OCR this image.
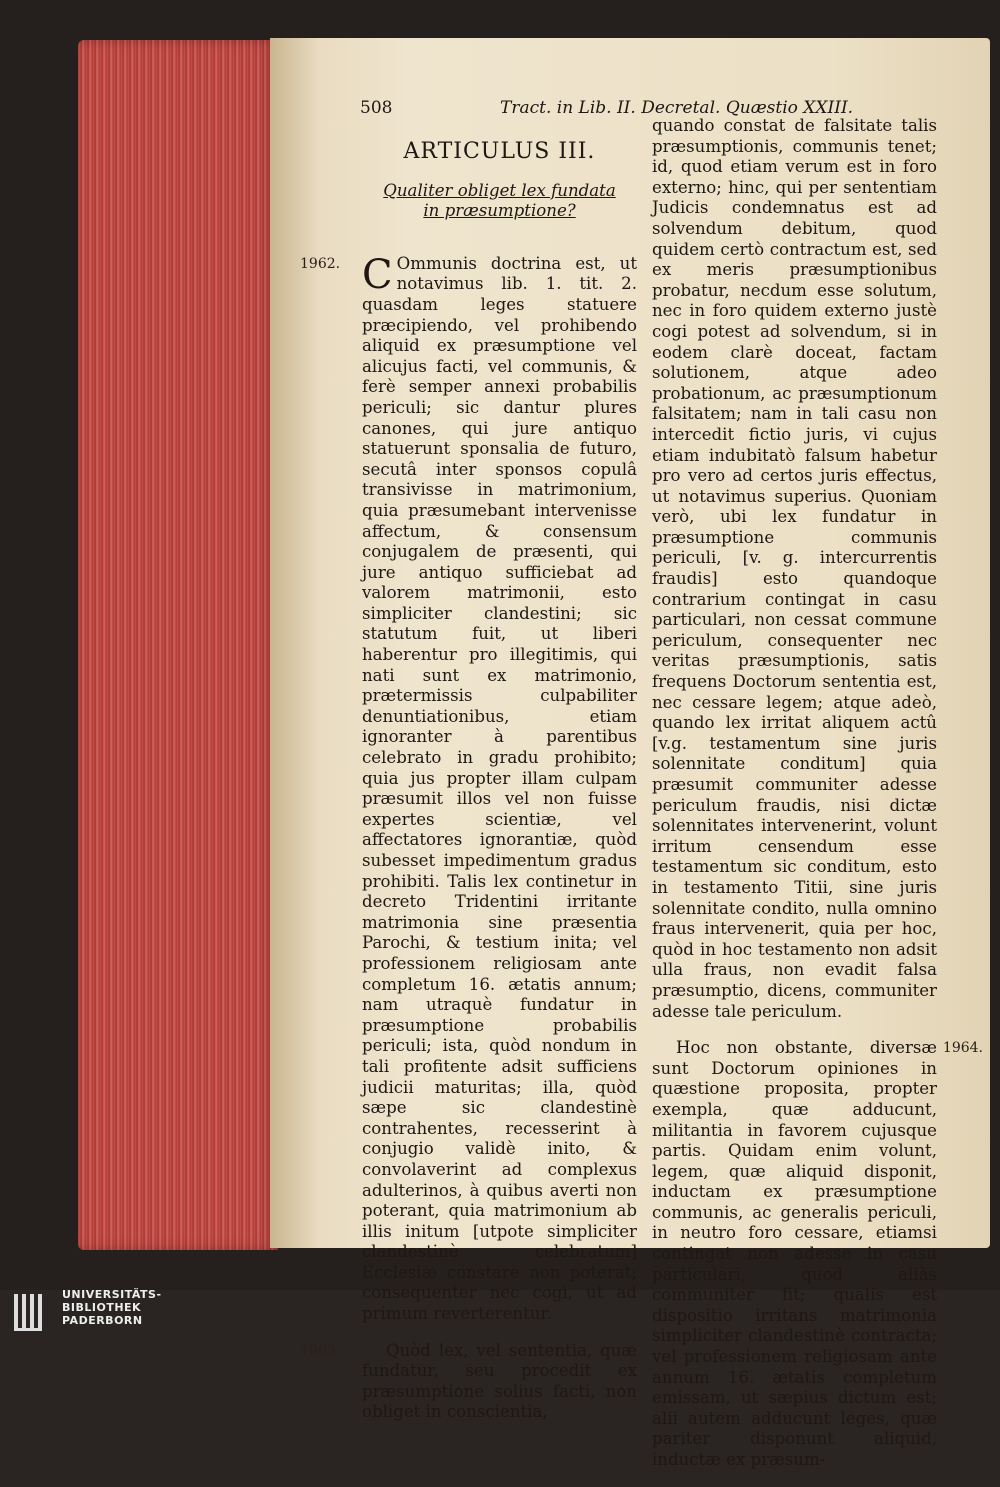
508	Tract. in Lib. II. Decretal. Quæstio XXIII.
ARTICULUS III.
Qualiter obliget lex fundata in præsumptione?
1962. C Ommunis doctrina est, ut notavimus lib. 1. tit. 2. quasdam leges statuere præcipiendo, vel prohibendo aliquid ex præsumptione vel alicujus facti, vel communis, & ferè semper annexi probabilis periculi; sic dantur plures canones, qui jure antiquo statuerunt sponsalia de futuro, secutâ inter sponsos copulâ transivisse in matrimonium, quia præsumebant intervenisse affectum, & consensum conjugalem de præsenti, qui jure antiquo sufficiebat ad valorem matrimonii, esto simpliciter clandestini; sic statutum fuit, ut liberi haberentur pro illegitimis, qui nati sunt ex matrimonio, prætermissis culpabiliter denuntiationibus, etiam ignoranter à parentibus celebrato in gradu prohibito; quia jus propter illam culpam præsumit illos vel non fuisse expertes scientiæ, vel affectatores ignorantiæ, quòd subesset impedimentum gradus prohibiti. Talis lex continetur in decreto Tridentini irritante matrimonia sine præsentia Parochi, & testium inita; vel professionem religiosam ante completum 16. ætatis annum; nam utraquè fundatur in præsumptione probabilis periculi; ista, quòd nondum in tali profitente adsit sufficiens judicii maturitas; illa, quòd sæpe sic clandestinè contrahentes, recesserint à conjugio validè inito, & convolaverint ad complexus adulterinos, à quibus averti non poterant, quia matrimonium ab illis initum [utpote simpliciter clandestinè celebratum] Ecclesiæ constare non poterat; consequenter nec cogi, ut ad primum reverterentur.

1963.	Quòd lex, vel sententia, quæ fundatur, seu procedit ex præsumptione solius facti, non obliget in conscientia,

quando constat de falsitate talis præsumptionis, communis tenet; id, quod etiam verum est in foro externo; hinc, qui per sententiam Judicis condemnatus est ad solvendum debitum, quod quidem certò contractum est, sed ex meris præsumptionibus probatur, necdum esse solutum, nec in foro quidem externo justè cogi potest ad solvendum, si in eodem clarè doceat, factam solutionem, atque adeo probationum, ac præsumptionum falsitatem; nam in tali casu non intercedit fictio juris, vi cujus etiam indubitatò falsum habetur pro vero ad certos juris effectus, ut notavimus superius. Quoniam verò, ubi lex fundatur in præsumptione communis periculi, [v. g. intercurrentis fraudis] esto quandoque contrarium contingat in casu particulari, non cessat commune periculum, consequenter nec veritas præsumptionis, satis frequens Doctorum sententia est, nec cessare legem; atque adeò, quando lex irritat aliquem actû [v.g. testamentum sine juris solennitate conditum] quia præsumit communiter adesse periculum fraudis, nisi dictæ solennitates intervenerint, volunt irritum censendum esse testamentum sic conditum, esto in testamento Titii, sine juris solennitate condito, nulla omnino fraus intervenerit, quia per hoc, quòd in hoc testamento non adsit ulla fraus, non evadit falsa præsumptio, dicens, communiter adesse tale periculum.

1964.

Hoc non obstante, diversæ sunt Doctorum opiniones in quæstione proposita, propter exempla, quæ adducunt, militantia in favorem cujusque partis. Quidam enim volunt, legem, quæ aliquid disponit, inductam ex præsumptione communis, ac generalis periculi, in neutro foro cessare, etiamsi contingat non adesse in casu particulari, quod aliàs communiter fit; qualis est dispositio irritans matrimonia simpliciter clandestinè contracta; vel professionem religiosam ante annum 16. ætatis completum emissam, ut sæpius dictum est; alii autem adducunt leges, quæ pariter disponunt aliquid, inductæ ex præsum-

UNIVERSITÄTS-
BIBLIOTHEK
PADERBORN
